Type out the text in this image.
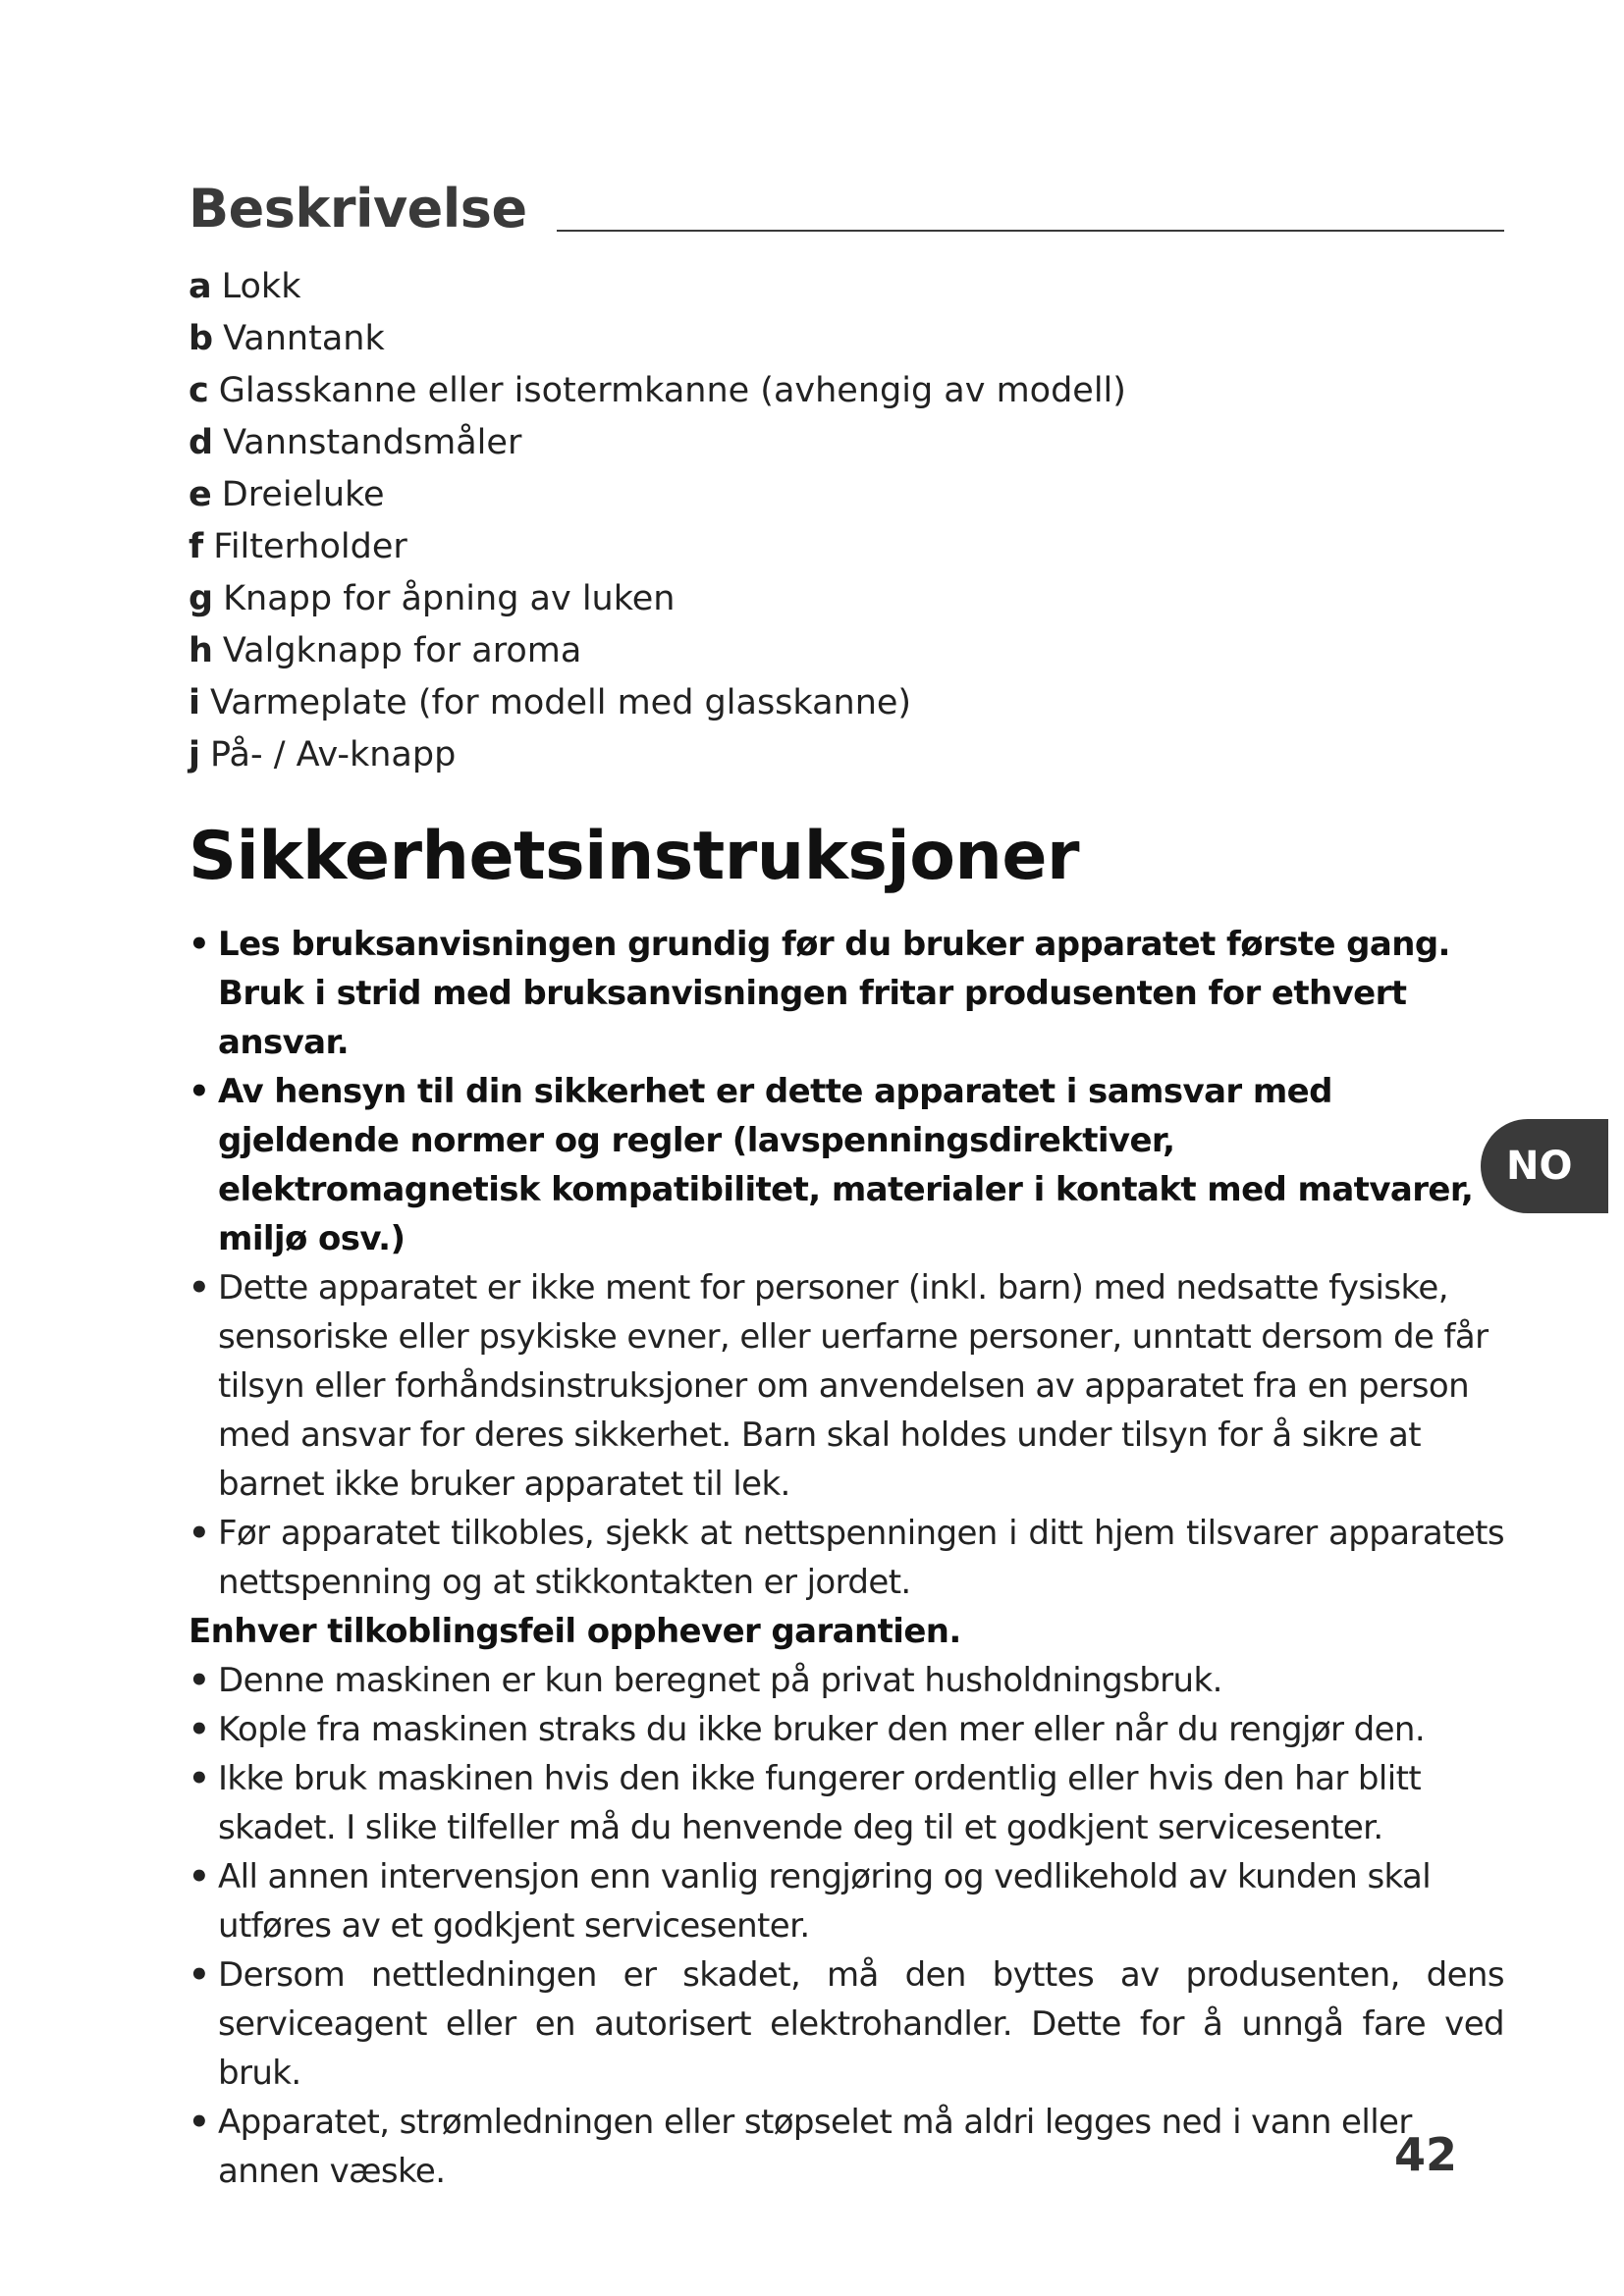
Beskrivelse
a Lokk
b Vanntank
c Glasskanne eller isotermkanne (avhengig av modell)
d Vannstandsmåler
e Dreieluke
f Filterholder
g Knapp for åpning av luken
h Valgknapp for aroma
i Varmeplate (for modell med glasskanne)
j På- / Av-knapp
Sikkerhetsinstruksjoner
• Les bruksanvisningen grundig før du bruker apparatet første gang. Bruk i strid med bruksanvisningen fritar produsenten for ethvert ansvar.
• Av hensyn til din sikkerhet er dette apparatet i samsvar med gjeldende normer og regler (lavspenningsdirektiver, elektromagnetisk kompatibilitet, materialer i kontakt med matvarer, miljø osv.)
• Dette apparatet er ikke ment for personer (inkl. barn) med nedsatte fysiske, sensoriske eller psykiske evner, eller uerfarne personer, unntatt dersom de får tilsyn eller forhåndsinstruksjoner om anvendelsen av apparatet fra en person med ansvar for deres sikkerhet. Barn skal holdes under tilsyn for å sikre at barnet ikke bruker apparatet til lek.
• Før apparatet tilkobles, sjekk at nettspenningen i ditt hjem tilsvarer apparatets nettspenning og at stikkontakten er jordet.
Enhver tilkoblingsfeil opphever garantien.
• Denne maskinen er kun beregnet på privat husholdningsbruk.
• Kople fra maskinen straks du ikke bruker den mer eller når du rengjør den.
• Ikke bruk maskinen hvis den ikke fungerer ordentlig eller hvis den har blitt skadet. I slike tilfeller må du henvende deg til et godkjent servicesenter.
• All annen intervensjon enn vanlig rengjøring og vedlikehold av kunden skal utføres av et godkjent servicesenter.
• Dersom nettledningen er skadet, må den byttes av produsenten, dens serviceagent eller en autorisert elektrohandler. Dette for å unngå fare ved bruk.
• Apparatet, strømledningen eller støpselet må aldri legges ned i vann eller annen væske.
NO
42
